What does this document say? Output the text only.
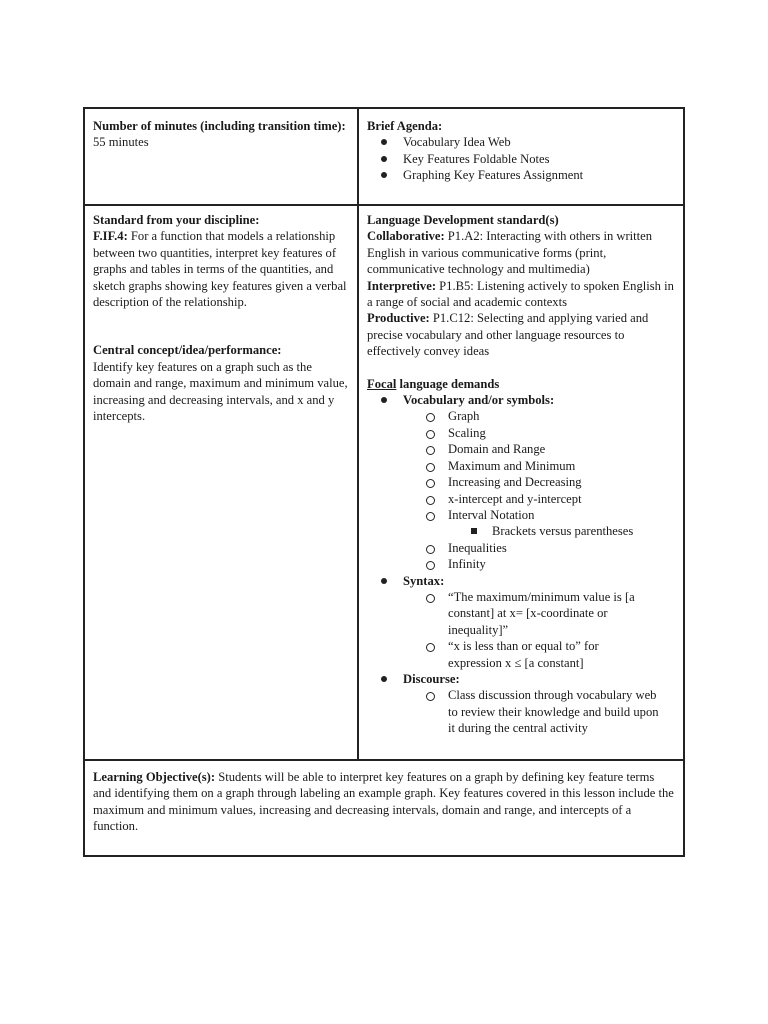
Number of minutes (including transition time): 55 minutes

Brief Agenda:

Vocabulary Idea Web
Key Features Foldable Notes
Graphing Key Features Assignment

Standard from your discipline:

F.IF.4: For a function that models a relationship between two quantities, interpret key features of graphs and tables in terms of the quantities, and sketch graphs showing key features given a verbal description of the relationship.

Central concept/idea/performance:

Identify key features on a graph such as the domain and range, maximum and minimum value, increasing and decreasing intervals, and x and y intercepts.

Language Development standard(s)

Collaborative: P1.A2: Interacting with others in written English in various communicative forms (print, communicative technology and multimedia)

Interpretive: P1.B5: Listening actively to spoken English in a range of social and academic contexts

Productive: P1.C12: Selecting and applying varied and precise vocabulary and other language resources to effectively convey ideas

Focal language demands

Vocabulary and/or symbols:
Graph
Scaling
Domain and Range
Maximum and Minimum
Increasing and Decreasing
x-intercept and y-intercept
Interval Notation
Brackets versus parentheses
Inequalities
Infinity
Syntax:
“The maximum/minimum value is [a constant] at x= [x-coordinate or inequality]”
“x is less than or equal to” for expression x ≤ [a constant]
Discourse:
Class discussion through vocabulary web to review their knowledge and build upon it during the central activity

Learning Objective(s): Students will be able to interpret key features on a graph by defining key feature terms and identifying them on a graph through labeling an example graph. Key features covered in this lesson include the maximum and minimum values, increasing and decreasing intervals, domain and range, and intercepts of a function.
